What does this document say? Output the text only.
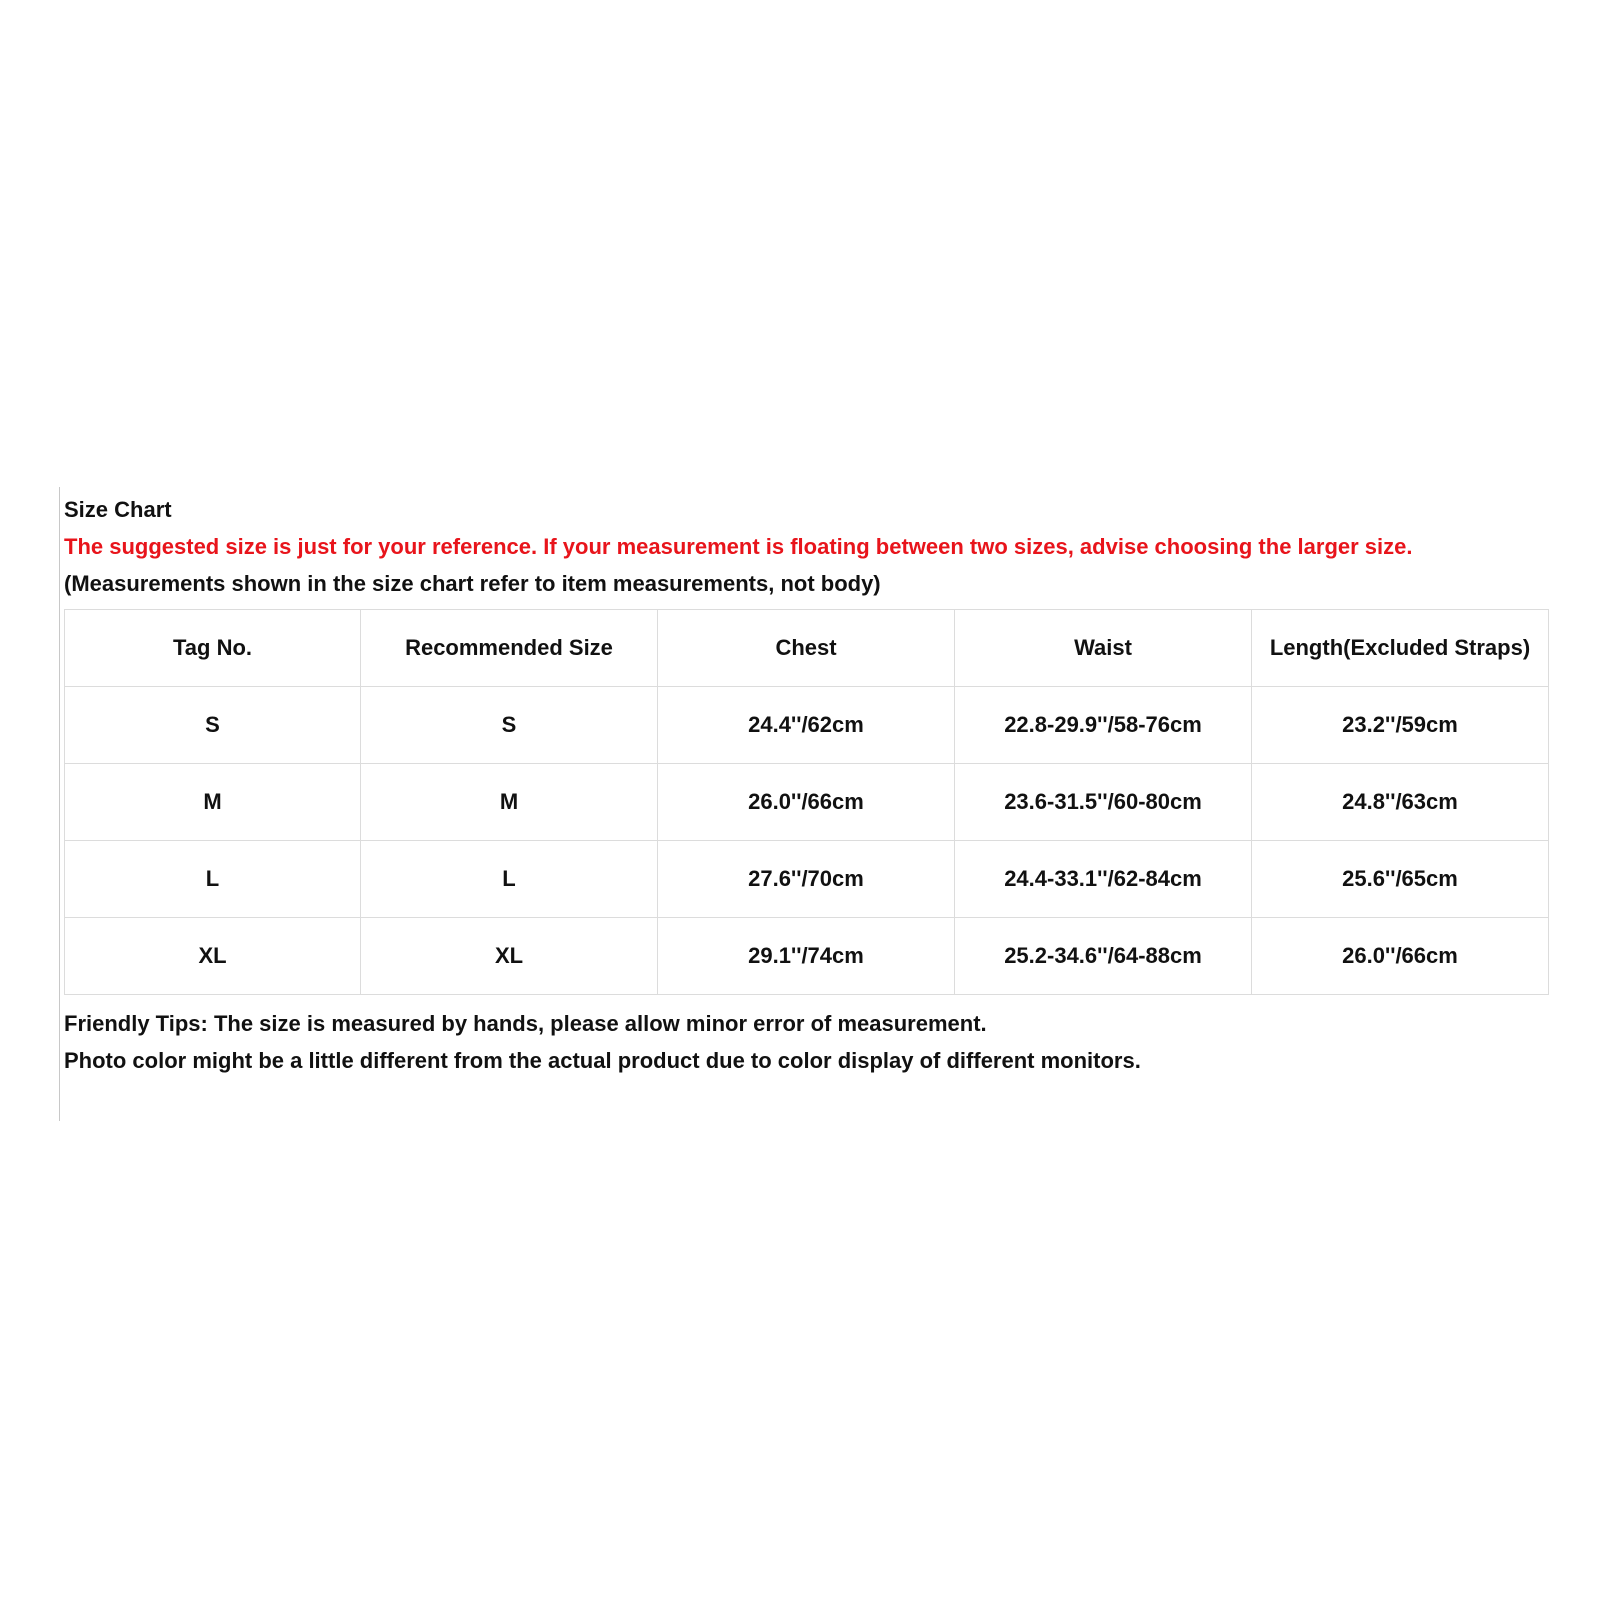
Size Chart
The suggested size is just for your reference. If your measurement is floating between two sizes, advise choosing the larger size.
(Measurements shown in the size chart refer to item measurements, not body)
Tag No.	Recommended Size	Chest	Waist	Length(Excluded Straps)
S	S	24.4''/62cm	22.8-29.9''/58-76cm	23.2''/59cm
M	M	26.0''/66cm	23.6-31.5''/60-80cm	24.8''/63cm
L	L	27.6''/70cm	24.4-33.1''/62-84cm	25.6''/65cm
XL	XL	29.1''/74cm	25.2-34.6''/64-88cm	26.0''/66cm
Friendly Tips: The size is measured by hands, please allow minor error of measurement.
Photo color might be a little different from the actual product due to color display of different monitors.
